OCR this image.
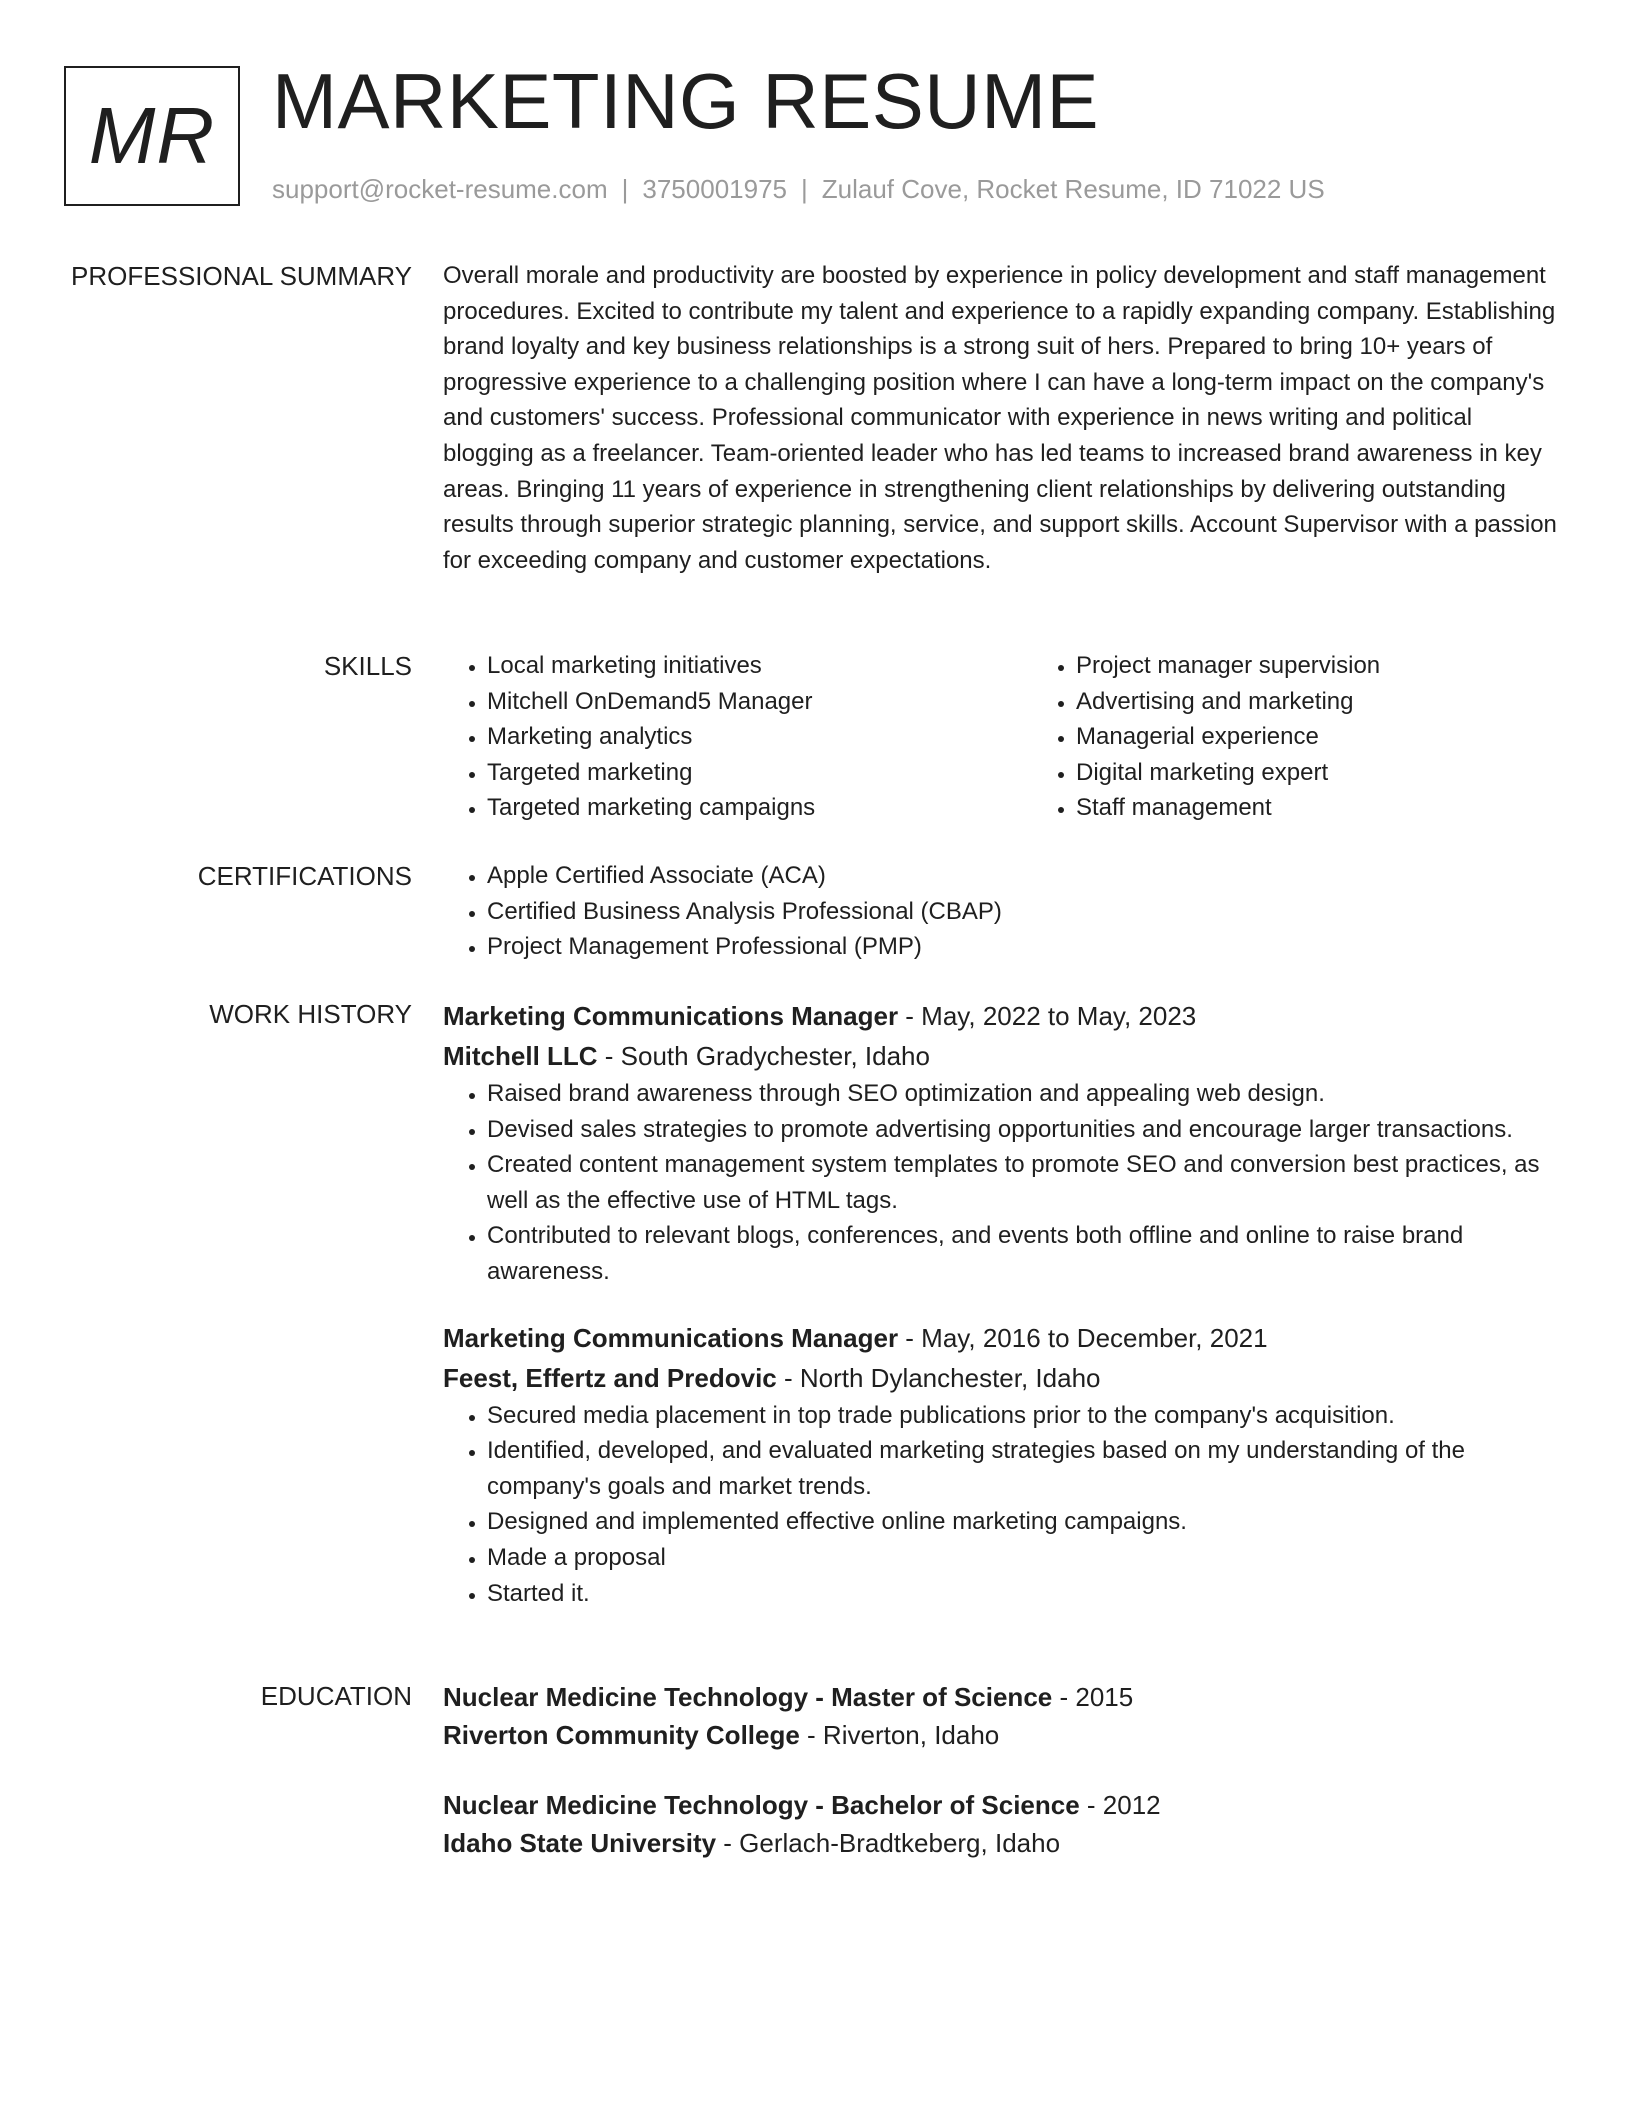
MR MARKETING RESUME
support@rocket-resume.com | 3750001975 | Zulauf Cove, Rocket Resume, ID 71022 US
PROFESSIONAL SUMMARY Overall morale and productivity are boosted by experience in policy development and staff management procedures. Excited to contribute my talent and experience to a rapidly expanding company. Establishing brand loyalty and key business relationships is a strong suit of hers. Prepared to bring 10+ years of progressive experience to a challenging position where I can have a long-term impact on the company's and customers' success. Professional communicator with experience in news writing and political blogging as a freelancer. Team-oriented leader who has led teams to increased brand awareness in key areas. Bringing 11 years of experience in strengthening client relationships by delivering outstanding results through superior strategic planning, service, and support skills. Account Supervisor with a passion for exceeding company and customer expectations.

SKILLS	• Local marketing initiatives
• Mitchell OnDemand5 Manager
• Marketing analytics
• Targeted marketing
• Targeted marketing campaigns
• Project manager supervision
• Advertising and marketing
• Managerial experience
• Digital marketing expert
• Staff management
CERTIFICATIONS	• Apple Certified Associate (ACA)
• Certified Business Analysis Professional (CBAP)
• Project Management Professional (PMP)
WORK HISTORY Marketing Communications Manager - May, 2022 to May, 2023
Mitchell LLC - South Gradychester, Idaho
• Raised brand awareness through SEO optimization and appealing web design.
• Devised sales strategies to promote advertising opportunities and encourage larger transactions.
• Created content management system templates to promote SEO and conversion best practices, as well as the effective use of HTML tags.
• Contributed to relevant blogs, conferences, and events both offline and online to raise brand awareness.
Marketing Communications Manager - May, 2016 to December, 2021
Feest, Effertz and Predovic - North Dylanchester, Idaho
• Secured media placement in top trade publications prior to the company's acquisition.
• Identified, developed, and evaluated marketing strategies based on my understanding of the company's goals and market trends.
• Designed and implemented effective online marketing campaigns.
• Made a proposal
• Started it.
EDUCATION Nuclear Medicine Technology - Master of Science - 2015
Riverton Community College - Riverton, Idaho
Nuclear Medicine Technology - Bachelor of Science - 2012
Idaho State University - Gerlach-Bradtkeberg, Idaho
